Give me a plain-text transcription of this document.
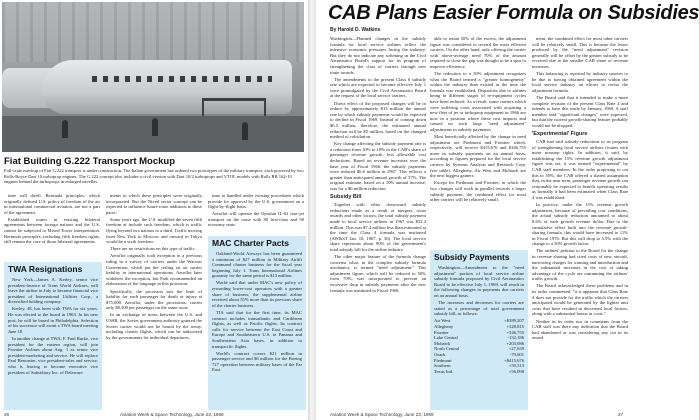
Fiat Building G.222 Transport Mockup
Full-scale mockup of Fiat G.222 transport is under construction. The Italian government has ordered two prototypes of the military transport, each powered by two Rolls-Royce Dart 10 turboprop engines. The G.222 concept also includes a civil version with Dart 10/2 turboprops and VTOL models with Rolls RB 162-10 engines behind the turboprops in enlarged nacelles.

time will dwell. Bermuda principles, which originally defined U.S. policy of freedom of the air in international commercial aviation, are not a part of the agreement.

Established routes in existing bilateral agreements between foreign nations and the U.S. cannot be subjected to Mixed Tower interpretation. Bermuda principles, including fifth freedom rights, still remain the core of those bilateral agreements.

TWA Resignations

New York—James A. Kerley, senior vice president-finance of Trans World Airlines, will leave the airline in July to become financial vice president of International Utilities Corp., a diversified holding company.

Kerley, 48, has been with TWA for six years. He was elected to the board in 1963. In his new post, he will be based in Philadelphia. Selection of his successor will await a TWA board meeting June 18.

In another change at TWA, F. Paul Burke, vice president for the eastern region, will join Frontier Airlines about Aug. 1 as senior vice president-marketing and service. He will replace Paul Bencaster, vice president-sales and service, who is leaving to become executive vice president of Subsidiary Inc. of Delaware.

ments in which these principles were originally incorporated. But the Nixed sector concept can be expected to influence future route additions to these pacts.

Some years ago, the U.S. modified the seven fifth freedom at include such freedom, which is traffic flying beyond two nations to a third. Traffic moving from New York to Moscow and onward to Tokyo would be a sixth freedom.

There are no restrictions on this type of traffic.

Aeroflot originally took exception to a previous ruling in a survey of carriers under the Warsaw Convention, which put the ceiling on air carrier liability in international operations. Aeroflot later withdrew the exception, but Park recommended an elaboration of the language in this provision.

Specifically, the provision sets the limit of liability for each passenger for death or injury at $75,000. Aeroflot, under the provisions, carries only $8,300 per passenger on the same route.

In an exchange of notes between the U.S. and USSR, the Soviet government authority granted the Soviet carrier would not be bound by the treaty, including charter flights, which can be authorized by the governments for individual departures.

time to handled under existing procedures which provide for approval by the U.S. government on a flight-by-flight basis.

Aeroflot will operate the Ilyushin IL-62 four-jet transport on the route with 80 first-class and 90 economy seats.

MAC Charter Pacts

Oakland-World Airways has been guaranteed a minimum of $27 million in Military Airlift Command charter business for the fiscal year beginning July 1. Trans International Airlines guaranty for the same period is $13 million.

World said that under MAC's new policy of rewarding lower-cost operators with a greater share of business, the supplemental airline received about 55% more than its previous share of the charter business.

TIA said that for the first time, its MAC contract includes transatlantic and Caribbean flights, as well as Pacific flights. Its contract calls for service between the East Coast and Europe and Southeastern U.S. to Panama and Southeastern Asia bases, in addition to transpacific flights.

World's contract covers $21 million in passenger service and $6 million for the Boeing 727 operation between military bases of the Far East.

26	Aviation Week & Space Technology, June 23, 1969
CAB Plans Easier Formula on Subsidies
By Harold D. Watkins

Washington—Planned changes in the subsidy formula for local service airlines reflect the intensive economic pressures facing the industry. But they do not indicate any softening in the Civil Aeronautics Board's support for its program of strengthening the class of carriers through new route awards.

The amendments to the present Class 6 subsidy rate which are expected to become effective July 1 were promulgated by the Civil Aeronautics Board at the request of the local service carriers.

Direct effect of the proposed changes will be to reduce by approximately $13 million the annual rate by which subsidy payments would be expected to decline in Fiscal 1969. Instead of coming down $6.5 million, therefore, the estimated annual reduction will be $5 million, based on the changed method of calculation.

Key change affecting the subsidy payment rate is a reduction from 10% to 10% in the CAB's share of passenger revenue growth, less allowable cost deductions. Based on revenue increases over the base year of Fiscal 1966, the subsidy payments were reduced $6.6 million in 1967. This reflects a greater than anticipated annual growth of 37%. The original estimate, based on a 10% annual increase, was for a $6 million reduction.

Subsidy Bill

Together with other downward subsidy reductions made as a result of mergers, route awards and other factors, the total subsidy payment made to local service airlines in 1967 was $52.2 million. This was $7.4 million less than estimated at the time the Class 4 formula was instituted (AW&ST Jan. 10, 1967, p. 36). The local service share represents about 90% of the government's total subsidy bill for the airline industry.

The other major feature of the formula change concerns what, in the complex subsidy formula mechanics, is termed "need adjustment." This adjustment figure, which will be reduced to 50% from 70%, was incorporated to prevent an excessive drop in subsidy payments after the new formula was instituted in Fiscal 1966.

able to retain 50% of the excess, the adjustment figure was considered to reward the most efficient carriers. On the other hand, only offering the carrier with above-average need 70% of the amount required to close the gap was thought to be a spur to improve efficiency.

The reduction to a 50% adjustment recognizes what the Board termed a "greater homogeneity" within the industry than existed at the time the formula was established. Disparities due to airlines being in different stages of re-equipment cycles have been reduced. As a result, some carriers which were suffering costs associated with acquiring a new fleet of jet or turboprop equipment in 1966 are now in a position where these cost impacts and caused no such large "need adjustment" adjustments in subsidy payments.

Most beneficially affected by the change in need adjustment are Piedmont and Frontier which, respectively, will receive $415,676 and $346,755 more in subsidy payments on an annual basis, according to figures prepared for the local service carriers by Systems Analysis and Research Corp. (see table). Allegheny, Air West and Mohawk are the next biggest gainers.

Except for Piedmont and Frontier, in which the two changes will work in parallel towards a larger subsidy payment, the combined effect for most other carriers will be relatively small.

Subsidy Payments

Washington—Amendment to the "need adjustment" portion of local service airline subsidy formula proposed by Civil Aeronautics Board to be effective July 1, 1969, will result in the following changes in payments due carriers on an annual basis.

The increases and decreases for carriers are stated as a percentage of total government subsidy bill, as follows:

Air West	+$389,207
Allegheny	+328,815
Frontier	+346,755
Lake Central	-132,186
Mohawk	+203,086
North Central	+27,639
Ozark	-79,601
Piedmont	+$415,676
Southern	+59,313
Texas Intl.	+56,098

ment, the combined effect for most other carriers will be relatively small. This is because the lesser produced by the "need adjustment" revision generally will be offset by the greater subsidy to be received due to the smaller CAB share of revenue increases.

This balancing is reported by industry sources to be due to having obtained agreement within the local service industry on efforts to revise the adjustment formula.

The Board said that it intended to make a more complete revision of the present Class Rate 4 and intends to have this ready by January, 1969. A staff member said "significant changes" were expected, but that the current growth-sharing feature probably would not be dropped.

'Experimental' Figure

CAB had said subsidy reductions to its program of strengthening local service airlines (routes with more nonstop rights. In addition, it said, by establishing the 15% revenue growth adjustment figure was set, it was termed "experimental" by CAB staff members. In the order proposing to cut this to 50%, the CAB offered a shared assumption that, in the near term, passenger revenue growth can reasonably be expected to benefit operating results as formally it had been estimated when Class Rate 4 was established.

In practice, under the 15% revenue growth adjustment, because of prevailing cost conditions, the actual subsidy reduction amounted to about 8.6% of each growth revenue dollar. Due to the cumulative effect built into the revenue growth-sharing formula, this would have increased to 11% in Fiscal 1970. But this will drop to 5.5% with the change to a 50% growth factor.

The airlines' petition to the Board for the change in revenue sharing had cited costs of new aircraft, narrowing charges for training and introduction and the substantial increases in the cost of taking advantage of the cycle are outrunning the airlines' traffic growth.

The Board acknowledged these problems and in its order commented, "it is apparent that Class Rate 4 does not provide for the traffic which the carriers anticipated would be generated by the lighter unit costs that have resulted in decreased local factors, along with a substantial bonus in costs."

Neither in its order nor in comments from the CAB staff was there any indication that the Board had abandoned or was considering any cut in its award

Aviation Week & Space Technology, June 23, 1969	27
